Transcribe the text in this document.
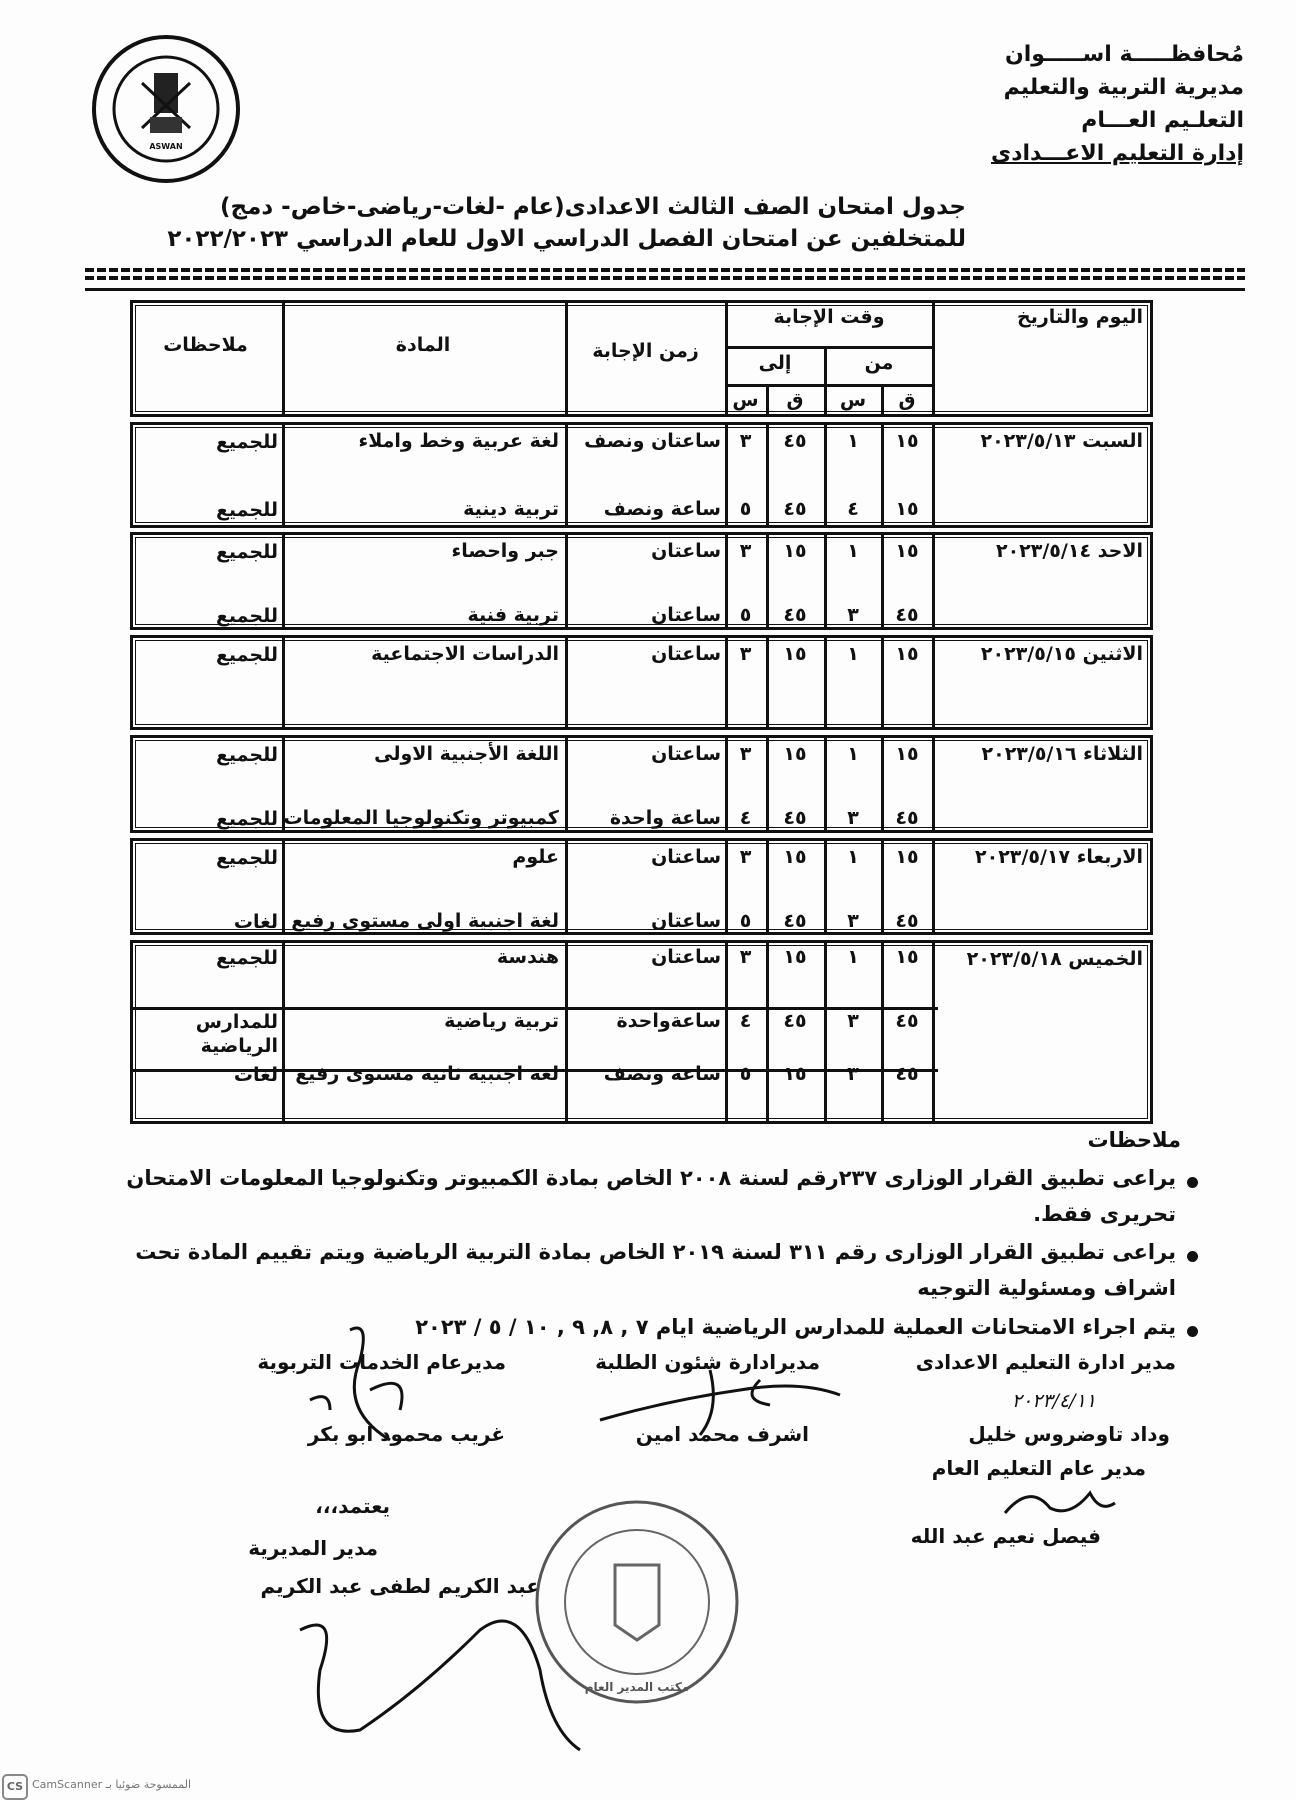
ASWAN
مُحافظـــــة اســـــوان
مديرية التربية والتعليم
التعلـيم العـــام
إدارة التعليم الاعـــدادى
جدول امتحان الصف الثالث الاعدادى(عام -لغات-رياضى-خاص- دمج)
للمتخلفين عن امتحان الفصل الدراسي الاول للعام الدراسي ٢٠٢٢/٢٠٢٣
اليوم والتاريخ
وقت الإجابة
من
إلى
ق
س
ق
س
زمن الإجابة
المادة
ملاحظات
السبت ٢٠٢٣/٥/١٣
١٥
١
٤٥
٣
ساعتان ونصف
لغة عربية وخط واملاء
للجميع
١٥
٤
٤٥
٥
ساعة ونصف
تربية دينية
للجميع
الاحد ٢٠٢٣/٥/١٤
١٥
١
١٥
٣
ساعتان
جبر واحصاء
للجميع
٤٥
٣
٤٥
٥
ساعتان
تربية فنية
للجميع
الاثنين ٢٠٢٣/٥/١٥
١٥
١
١٥
٣
ساعتان
الدراسات الاجتماعية
للجميع
الثلاثاء ٢٠٢٣/٥/١٦
١٥
١
١٥
٣
ساعتان
اللغة الأجنبية الاولى
للجميع
٤٥
٣
٤٥
٤
ساعة واحدة
كمبيوتر وتكنولوجيا المعلومات
للجميع
الاربعاء ٢٠٢٣/٥/١٧
١٥
١
١٥
٣
ساعتان
علوم
للجميع
٤٥
٣
٤٥
٥
ساعتان
لغة اجنبية اولى مستوى رفيع
لغات
الخميس ٢٠٢٣/٥/١٨
١٥
١
١٥
٣
ساعتان
هندسة
للجميع
٤٥
٣
٤٥
٤
ساعةواحدة
تربية رياضية
للمدارس الرياضية
٤٥
٣
١٥
٥
ساعة ونصف
لغة اجنبية ثانية مستوى رفيع
لغات
ملاحظات
يراعى تطبيق القرار الوزارى ٢٣٧رقم لسنة ٢٠٠٨ الخاص بمادة الكمبيوتر وتكنولوجيا المعلومات الامتحان
تحريرى فقط.
يراعى تطبيق القرار الوزارى رقم ٣١١ لسنة ٢٠١٩ الخاص بمادة التربية الرياضية ويتم تقييم المادة تحت
اشراف ومسئولية التوجيه
يتم اجراء الامتحانات العملية للمدارس الرياضية ايام ٧ , ٨, ٩ , ١٠ / ٥ / ٢٠٢٣
مدير ادارة التعليم الاعدادى
مديرادارة شئون الطلبة
مديرعام الخدمات التربوية
٢٠٢٣/٤/١١
وداد تاوضروس خليل
اشرف محمد امين
غريب محمود ابو بكر
مدير عام التعليم العام
فيصل نعيم عبد الله
يعتمد،،،
مدير المديرية
عبد الكريم لطفى عبد الكريم
مكتب المدير العام
CS CamScanner الممسوحة ضوئيا بـ
